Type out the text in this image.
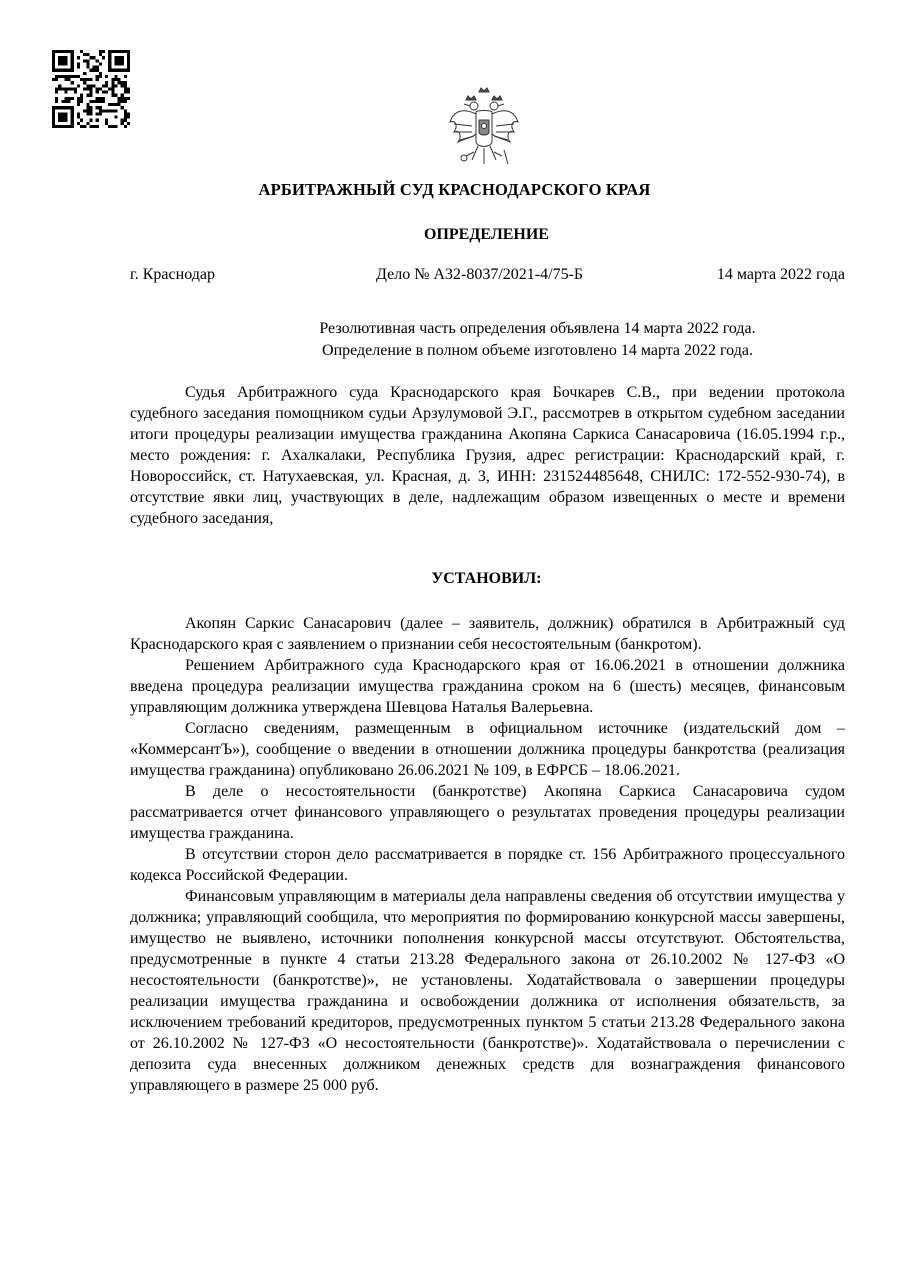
АРБИТРАЖНЫЙ СУД КРАСНОДАРСКОГО КРАЯ
ОПРЕДЕЛЕНИЕ
г. Краснодар	Дело № А32-8037/2021-4/75-Б	14 марта 2022 года
Резолютивная часть определения объявлена 14 марта 2022 года.
Определение в полном объеме изготовлено 14 марта 2022 года.

Судья Арбитражного суда Краснодарского края Бочкарев С.В., при ведении протокола судебного заседания помощником судьи Арзулумовой Э.Г., рассмотрев в открытом судебном заседании итоги процедуры реализации имущества гражданина Акопяна Саркиса Санасаровича (16.05.1994 г.р., место рождения: г. Ахалкалаки, Республика Грузия, адрес регистрации: Краснодарский край, г. Новороссийск, ст. Натухаевская, ул. Красная, д. 3, ИНН: 231524485648, СНИЛС: 172-552-930-74), в отсутствие явки лиц, участвующих в деле, надлежащим образом извещенных о месте и времени судебного заседания,

УСТАНОВИЛ:

Акопян Саркис Санасарович (далее – заявитель, должник) обратился в Арбитражный суд Краснодарского края с заявлением о признании себя несостоятельным (банкротом).

Решением Арбитражного суда Краснодарского края от 16.06.2021 в отношении должника введена процедура реализации имущества гражданина сроком на 6 (шесть) месяцев, финансовым управляющим должника утверждена Шевцова Наталья Валерьевна.

Согласно сведениям, размещенным в официальном источнике (издательский дом – «КоммерсантЪ»), сообщение о введении в отношении должника процедуры банкротства (реализация имущества гражданина) опубликовано 26.06.2021 № 109, в ЕФРСБ – 18.06.2021.

В деле о несостоятельности (банкротстве) Акопяна Саркиса Санасаровича судом рассматривается отчет финансового управляющего о результатах проведения процедуры реализации имущества гражданина.

В отсутствии сторон дело рассматривается в порядке ст. 156 Арбитражного процессуального кодекса Российской Федерации.

Финансовым управляющим в материалы дела направлены сведения об отсутствии имущества у должника; управляющий сообщила, что мероприятия по формированию конкурсной массы завершены, имущество не выявлено, источники пополнения конкурсной массы отсутствуют. Обстоятельства, предусмотренные в пункте 4 статьи 213.28 Федерального закона от 26.10.2002 № 127-ФЗ «О несостоятельности (банкротстве)», не установлены. Ходатайствовала о завершении процедуры реализации имущества гражданина и освобождении должника от исполнения обязательств, за исключением требований кредиторов, предусмотренных пунктом 5 статьи 213.28 Федерального закона от 26.10.2002 № 127-ФЗ «О несостоятельности (банкротстве)». Ходатайствовала о перечислении с депозита суда внесенных должником денежных средств для вознаграждения финансового управляющего в размере 25 000 руб.
